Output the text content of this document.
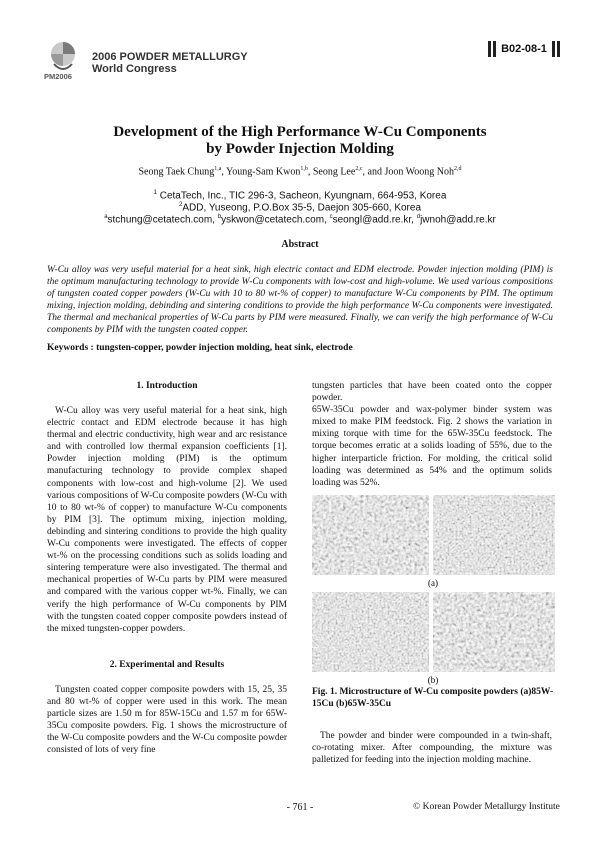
PM2006
2006 POWDER METALLURGY
World Congress
B02-08-1
Development of the High Performance W-Cu Components
by Powder Injection Molding
Seong Taek Chung$^{1,a}$, Young-Sam Kwon$^{1,b}$, Seong Lee$^{2,c}$, and Joon Woong Noh$^{2,d}$
$^1$ CetaTech, Inc., TIC 296-3, Sacheon, Kyungnam, 664-953, Korea
$^2$ADD, Yuseong, P.O.Box 35-5, Daejon 305-660, Korea
$^a$stchung@cetatech.com, $^b$yskwon@cetatech.com, $^c$seongl@add.re.kr, $^d$jwnoh@add.re.kr
Abstract
W-Cu alloy was very useful material for a heat sink, high electric contact and EDM electrode. Powder injection molding (PIM) is the optimum manufacturing technology to provide W-Cu components with low-cost and high-volume. We used various compositions of tungsten coated copper powders (W-Cu with 10 to 80 wt-% of copper) to manufacture W-Cu components by PIM. The optimum mixing, injection molding, debinding and sintering conditions to provide the high performance W-Cu components were investigated. The thermal and mechanical properties of W-Cu parts by PIM were measured. Finally, we can verify the high performance of W-Cu components by PIM with the tungsten coated copper.
Keywords : tungsten-copper, powder injection molding, heat sink, electrode
1. Introduction
W-Cu alloy was very useful material for a heat sink, high electric contact and EDM electrode because it has high thermal and electric conductivity, high wear and arc resistance and with controlled low thermal expansion coefficients [1]. Powder injection molding (PIM) is the optimum manufacturing technology to provide complex shaped components with low-cost and high-volume [2]. We used various compositions of W-Cu composite powders (W-Cu with 10 to 80 wt-% of copper) to manufacture W-Cu components by PIM [3]. The optimum mixing, injection molding, debinding and sintering conditions to provide the high quality W-Cu components were investigated. The effects of copper wt-% on the processing conditions such as solids loading and sintering temperature were also investigated. The thermal and mechanical properties of W-Cu parts by PIM were measured and compared with the various copper wt-%. Finally, we can verify the high performance of W-Cu components by PIM with the tungsten coated copper composite powders instead of the mixed tungsten-copper powders.
2. Experimental and Results
Tungsten coated copper composite powders with 15, 25, 35 and 80 wt-% of copper were used in this work. The mean particle sizes are 1.50 m for 85W-15Cu and 1.57 m for 65W-35Cu composite powders. Fig. 1 shows the microstructure of the W-Cu composite powders and the W-Cu composite powder consisted of lots of very fine

tungsten particles that have been coated onto the copper powder.

65W-35Cu powder and wax-polymer binder system was mixed to make PIM feedstock. Fig. 2 shows the variation in mixing torque with time for the 65W-35Cu feedstock. The torque becomes erratic at a solids loading of 55%, due to the higher interparticle friction. For molding, the critical solid loading was determined as 54% and the optimum solids loading was 52%.

(a)
(b)
Fig. 1. Microstructure of W-Cu composite powders (a)85W-15Cu (b)65W-35Cu
The powder and binder were compounded in a twin-shaft, co-rotating mixer. After compounding, the mixture was palletized for feeding into the injection molding machine.
- 761 -	© Korean Powder Metallurgy Institute
